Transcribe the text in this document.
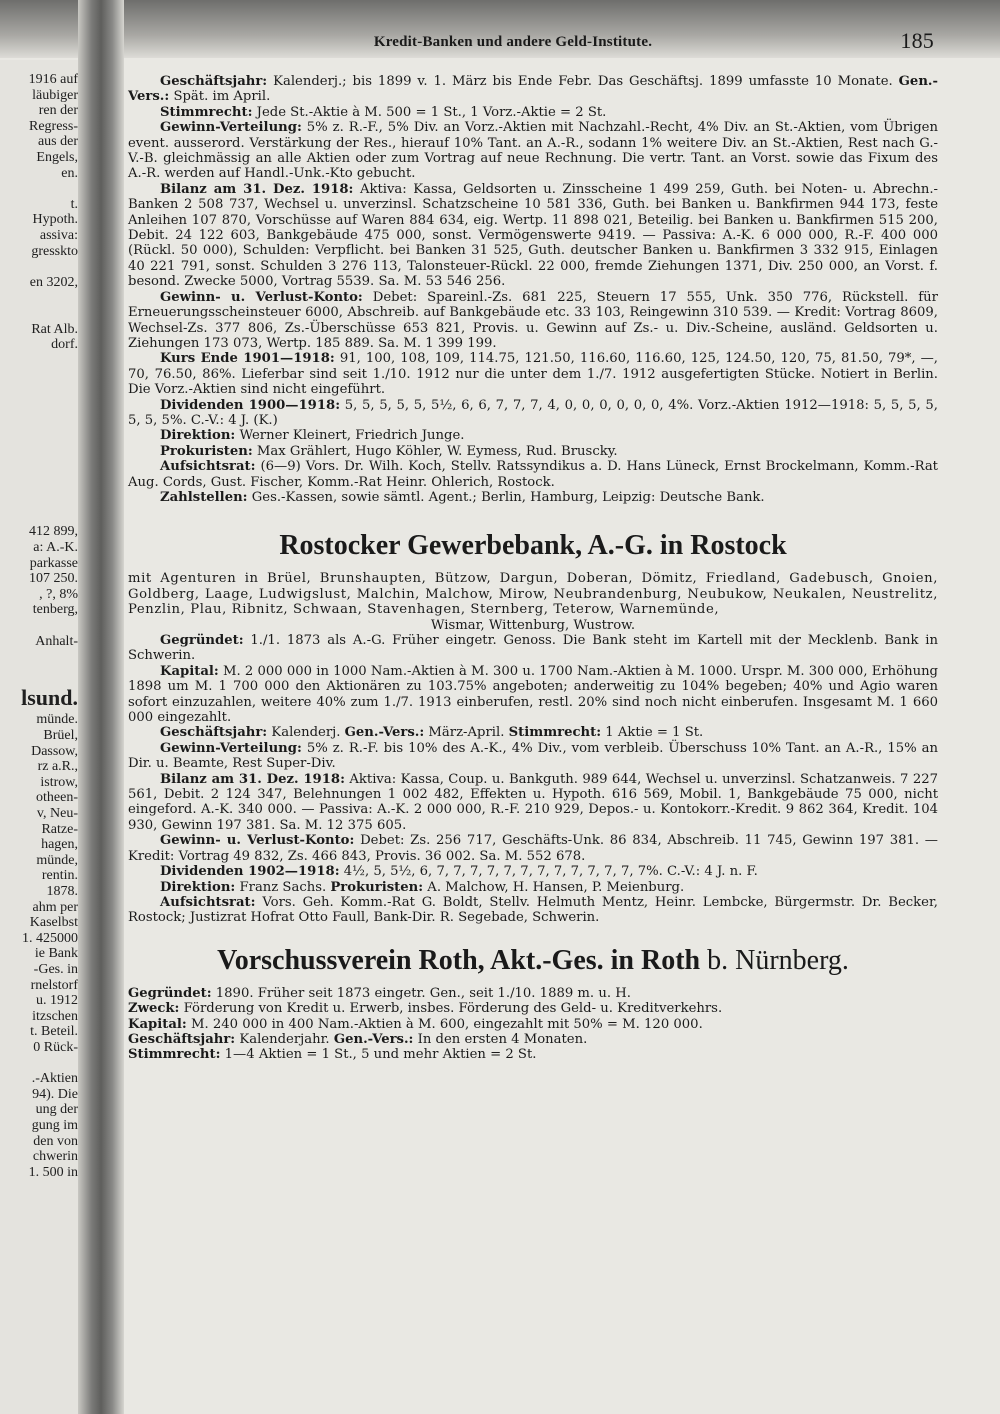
1916 auf
läubiger
ren der
Regress-
aus der
Engels,
en.
t.
Hypoth.
assiva:
gresskto
en 3202,
Rat Alb.
dorf.
412 899,
a: A.-K.
parkasse
107 250.
, ?, 8%
tenberg,
Anhalt-
lsund.
münde.
Brüel,
Dassow,
rz a.R.,
istrow,
otheen-
v, Neu-
Ratze-
hagen,
münde,
rentin.
1878.
ahm per
Kaselbst
1. 425000
ie Bank
-Ges. in
rnelstorf
u. 1912
itzschen
t. Beteil.
0 Rück-
.-Aktien
94). Die
ung der
gung im
den von
chwerin
1. 500 in
Kredit-Banken und andere Geld-Institute.	185

Geschäftsjahr: Kalenderj.; bis 1899 v. 1. März bis Ende Febr. Das Geschäftsj. 1899 umfasste 10 Monate. Gen.-Vers.: Spät. im April.

Stimmrecht: Jede St.-Aktie à M. 500 = 1 St., 1 Vorz.-Aktie = 2 St.

Gewinn-Verteilung: 5% z. R.-F., 5% Div. an Vorz.-Aktien mit Nachzahl.-Recht, 4% Div. an St.-Aktien, vom Übrigen event. ausserord. Verstärkung der Res., hierauf 10% Tant. an A.-R., sodann 1% weitere Div. an St.-Aktien, Rest nach G.-V.-B. gleichmässig an alle Aktien oder zum Vortrag auf neue Rechnung. Die vertr. Tant. an Vorst. sowie das Fixum des A.-R. werden auf Handl.-Unk.-Kto gebucht.

Bilanz am 31. Dez. 1918: Aktiva: Kassa, Geldsorten u. Zinsscheine 1 499 259, Guth. bei Noten- u. Abrechn.-Banken 2 508 737, Wechsel u. unverzinsl. Schatzscheine 10 581 336, Guth. bei Banken u. Bankfirmen 944 173, feste Anleihen 107 870, Vorschüsse auf Waren 884 634, eig. Wertp. 11 898 021, Beteilig. bei Banken u. Bankfirmen 515 200, Debit. 24 122 603, Bankgebäude 475 000, sonst. Vermögenswerte 9419. — Passiva: A.-K. 6 000 000, R.-F. 400 000 (Rückl. 50 000), Schulden: Verpflicht. bei Banken 31 525, Guth. deutscher Banken u. Bankfirmen 3 332 915, Einlagen 40 221 791, sonst. Schulden 3 276 113, Talonsteuer-Rückl. 22 000, fremde Ziehungen 1371, Div. 250 000, an Vorst. f. besond. Zwecke 5000, Vortrag 5539. Sa. M. 53 546 256.

Gewinn- u. Verlust-Konto: Debet: Spareinl.-Zs. 681 225, Steuern 17 555, Unk. 350 776, Rückstell. für Erneuerungsscheinsteuer 6000, Abschreib. auf Bankgebäude etc. 33 103, Reingewinn 310 539. — Kredit: Vortrag 8609, Wechsel-Zs. 377 806, Zs.-Überschüsse 653 821, Provis. u. Gewinn auf Zs.- u. Div.-Scheine, ausländ. Geldsorten u. Ziehungen 173 073, Wertp. 185 889. Sa. M. 1 399 199.

Kurs Ende 1901—1918: 91, 100, 108, 109, 114.75, 121.50, 116.60, 116.60, 125, 124.50, 120, 75, 81.50, 79*, —, 70, 76.50, 86%. Lieferbar sind seit 1./10. 1912 nur die unter dem 1./7. 1912 ausgefertigten Stücke. Notiert in Berlin. Die Vorz.-Aktien sind nicht eingeführt.

Dividenden 1900—1918: 5, 5, 5, 5, 5, 5½, 6, 6, 7, 7, 7, 4, 0, 0, 0, 0, 0, 0, 4%. Vorz.-Aktien 1912—1918: 5, 5, 5, 5, 5, 5, 5%. C.-V.: 4 J. (K.)

Direktion: Werner Kleinert, Friedrich Junge.

Prokuristen: Max Grählert, Hugo Köhler, W. Eymess, Rud. Bruscky.

Aufsichtsrat: (6—9) Vors. Dr. Wilh. Koch, Stellv. Ratssyndikus a. D. Hans Lüneck, Ernst Brockelmann, Komm.-Rat Aug. Cords, Gust. Fischer, Komm.-Rat Heinr. Ohlerich, Rostock.

Zahlstellen: Ges.-Kassen, sowie sämtl. Agent.; Berlin, Hamburg, Leipzig: Deutsche Bank.

Rostocker Gewerbebank, A.-G. in Rostock

mit Agenturen in Brüel, Brunshaupten, Bützow, Dargun, Doberan, Dömitz, Friedland, Gadebusch, Gnoien, Goldberg, Laage, Ludwigslust, Malchin, Malchow, Mirow, Neubrandenburg, Neubukow, Neukalen, Neustrelitz, Penzlin, Plau, Ribnitz, Schwaan, Stavenhagen, Sternberg, Teterow, Warnemünde,

Wismar, Wittenburg, Wustrow.

Gegründet: 1./1. 1873 als A.-G. Früher eingetr. Genoss. Die Bank steht im Kartell mit der Mecklenb. Bank in Schwerin.

Kapital: M. 2 000 000 in 1000 Nam.-Aktien à M. 300 u. 1700 Nam.-Aktien à M. 1000. Urspr. M. 300 000, Erhöhung 1898 um M. 1 700 000 den Aktionären zu 103.75% angeboten; anderweitig zu 104% begeben; 40% und Agio waren sofort einzuzahlen, weitere 40% zum 1./7. 1913 einberufen, restl. 20% sind noch nicht einberufen. Insgesamt M. 1 660 000 eingezahlt.

Geschäftsjahr: Kalenderj. Gen.-Vers.: März-April. Stimmrecht: 1 Aktie = 1 St.

Gewinn-Verteilung: 5% z. R.-F. bis 10% des A.-K., 4% Div., vom verbleib. Überschuss 10% Tant. an A.-R., 15% an Dir. u. Beamte, Rest Super-Div.

Bilanz am 31. Dez. 1918: Aktiva: Kassa, Coup. u. Bankguth. 989 644, Wechsel u. unverzinsl. Schatzanweis. 7 227 561, Debit. 2 124 347, Belehnungen 1 002 482, Effekten u. Hypoth. 616 569, Mobil. 1, Bankgebäude 75 000, nicht eingeford. A.-K. 340 000. — Passiva: A.-K. 2 000 000, R.-F. 210 929, Depos.- u. Kontokorr.-Kredit. 9 862 364, Kredit. 104 930, Gewinn 197 381. Sa. M. 12 375 605.

Gewinn- u. Verlust-Konto: Debet: Zs. 256 717, Geschäfts-Unk. 86 834, Abschreib. 11 745, Gewinn 197 381. — Kredit: Vortrag 49 832, Zs. 466 843, Provis. 36 002. Sa. M. 552 678.

Dividenden 1902—1918: 4½, 5, 5½, 6, 7, 7, 7, 7, 7, 7, 7, 7, 7, 7, 7, 7, 7%. C.-V.: 4 J. n. F.

Direktion: Franz Sachs. Prokuristen: A. Malchow, H. Hansen, P. Meienburg.

Aufsichtsrat: Vors. Geh. Komm.-Rat G. Boldt, Stellv. Helmuth Mentz, Heinr. Lembcke, Bürgermstr. Dr. Becker, Rostock; Justizrat Hofrat Otto Faull, Bank-Dir. R. Segebade, Schwerin.

Vorschussverein Roth, Akt.-Ges. in Roth b. Nürnberg.

Gegründet: 1890. Früher seit 1873 eingetr. Gen., seit 1./10. 1889 m. u. H.

Zweck: Förderung von Kredit u. Erwerb, insbes. Förderung des Geld- u. Kreditverkehrs.

Kapital: M. 240 000 in 400 Nam.-Aktien à M. 600, eingezahlt mit 50% = M. 120 000.

Geschäftsjahr: Kalenderjahr. Gen.-Vers.: In den ersten 4 Monaten.

Stimmrecht: 1—4 Aktien = 1 St., 5 und mehr Aktien = 2 St.
